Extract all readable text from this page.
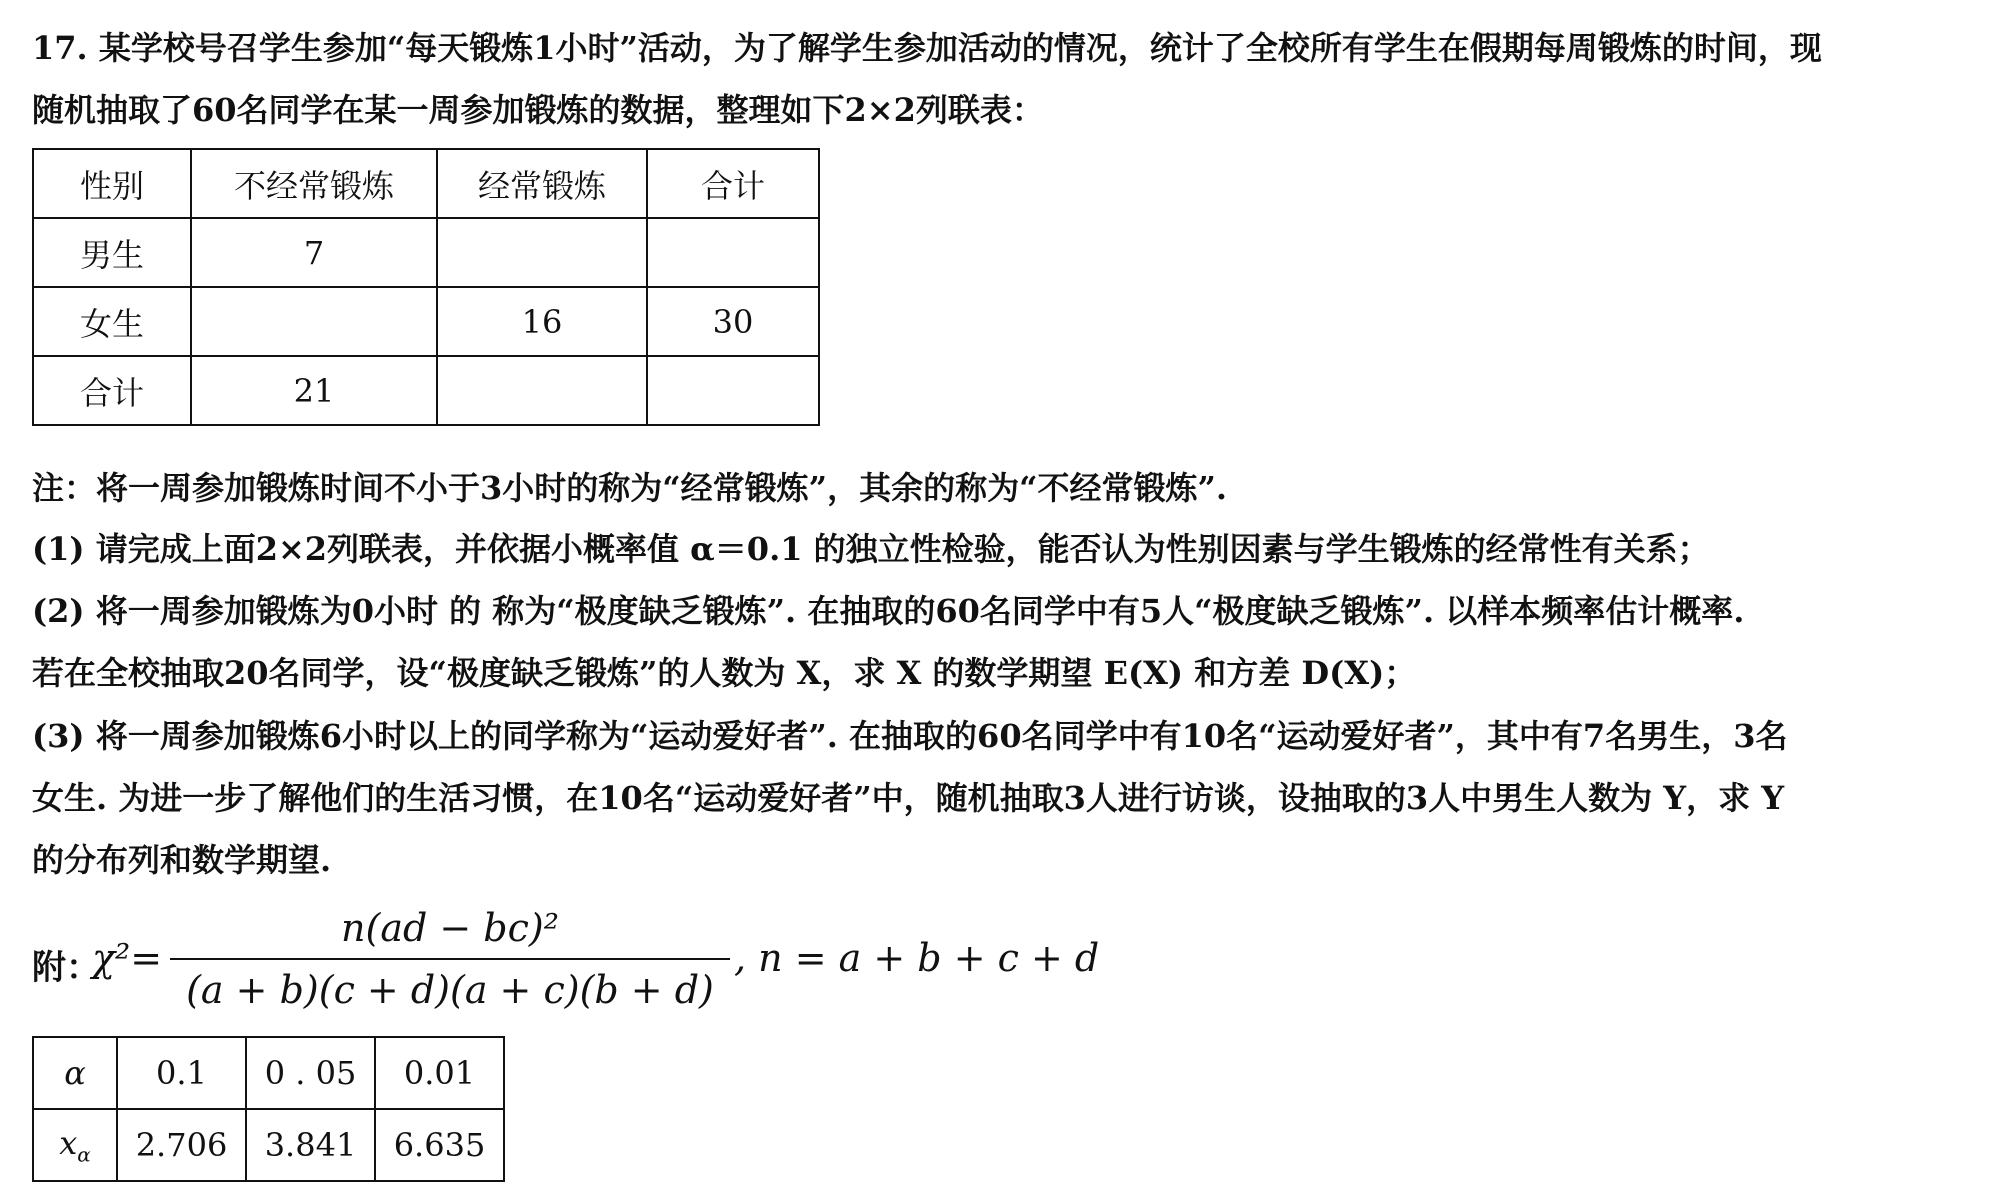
17. 某学校号召学生参加“每天锻炼1小时”活动，为了解学生参加活动的情况，统计了全校所有学生在假期每周锻炼的时间，现

随机抽取了60名同学在某一周参加锻炼的数据，整理如下2×2列联表：

性别	不经常锻炼	经常锻炼	合计
男生	7		
女生		16	30
合计	21		

注：将一周参加锻炼时间不小于3小时的称为“经常锻炼”，其余的称为“不经常锻炼”.

(1) 请完成上面2×2列联表，并依据小概率值 α＝0.1 的独立性检验，能否认为性别因素与学生锻炼的经常性有关系；

(2) 将一周参加锻炼为0小时 的 称为“极度缺乏锻炼”. 在抽取的60名同学中有5人“极度缺乏锻炼”. 以样本频率估计概率.

若在全校抽取20名同学，设“极度缺乏锻炼”的人数为 X，求 X 的数学期望 E(X) 和方差 D(X)；

(3) 将一周参加锻炼6小时以上的同学称为“运动爱好者”. 在抽取的60名同学中有10名“运动爱好者”，其中有7名男生，3名

女生. 为进一步了解他们的生活习惯，在10名“运动爱好者”中，随机抽取3人进行访谈，设抽取的3人中男生人数为 Y，求 Y

的分布列和数学期望.

附：
χ²=
n(ad − bc)²
(a + b)(c + d)(a + c)(b + d)
, n = a + b + c + d
α	0.1	0 . 05	0.01
$x_\alpha$	2.706	3.841	6.635
